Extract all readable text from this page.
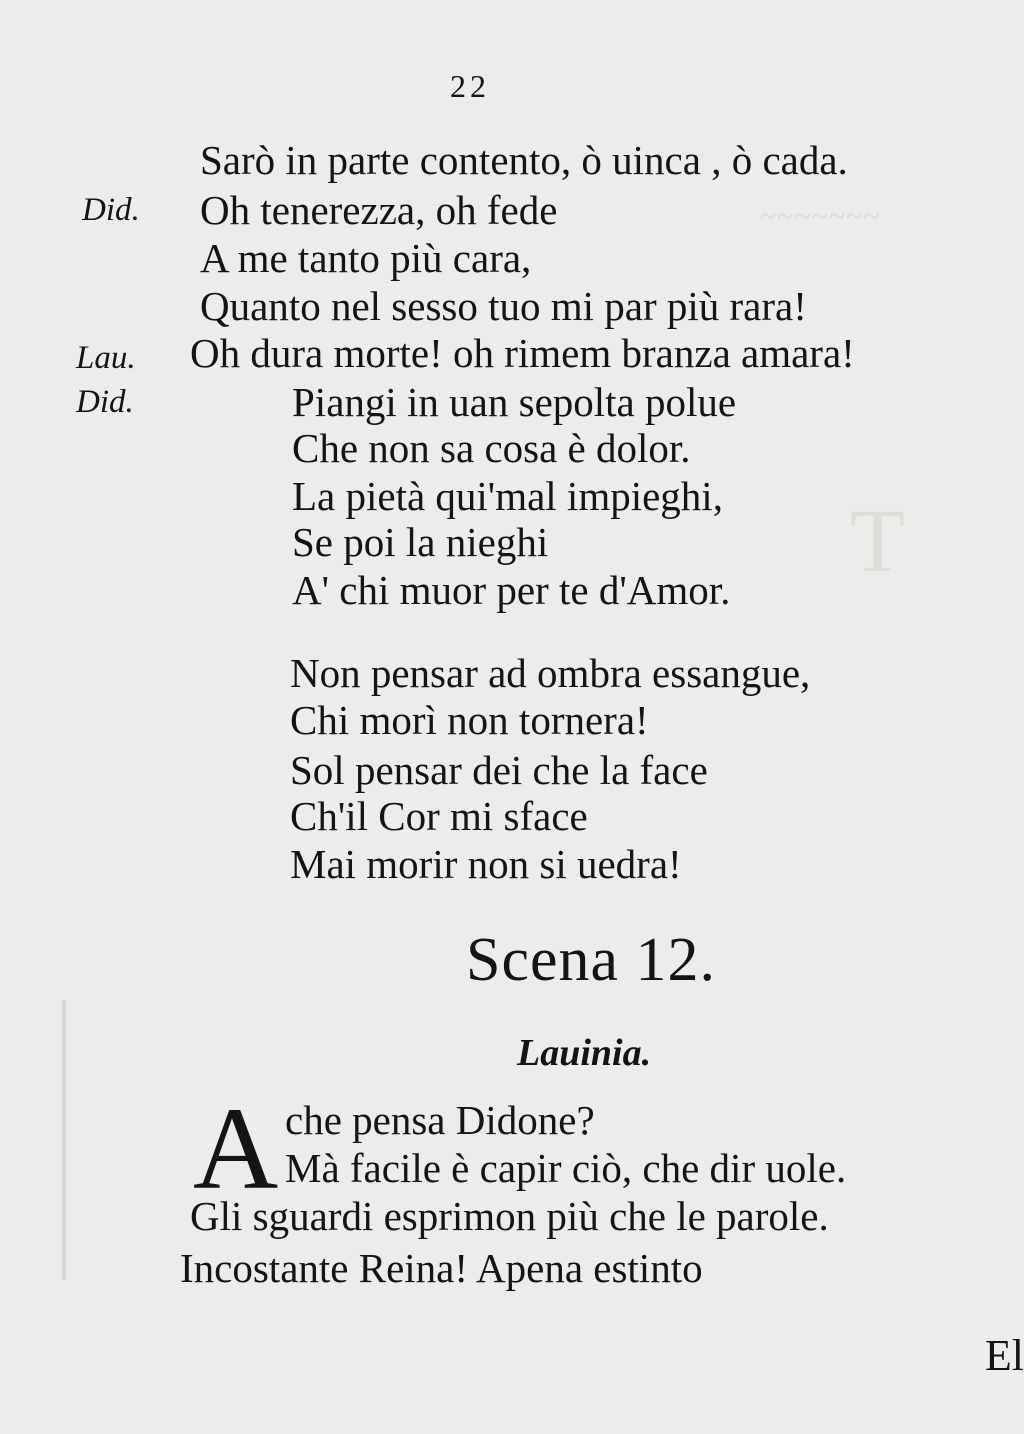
~~~~~~~
T
22
Did.
Lau.
Did.
Sarò in parte contento, ò uinca , ò cada.
Oh tenerezza, oh fede
A me tanto più cara,
Quanto nel sesso tuo mi par più rara!
Oh dura morte! oh rimem branza amara!
Piangi in uan sepolta polue
Che non sa cosa è dolor.
La pietà qui'mal impieghi,
Se poi la nieghi
A' chi muor per te d'Amor.
Non pensar ad ombra essangue,
Chi morì non tornera!
Sol pensar dei che la face
Ch'il Cor mi sface
Mai morir non si uedra!
Scena 12.
Lauinia.
A che pensa Didone?
Mà facile è capir ciò, che dir uole.
Gli sguardi esprimon più che le parole.
Incostante Reina! Apena estinto
El
